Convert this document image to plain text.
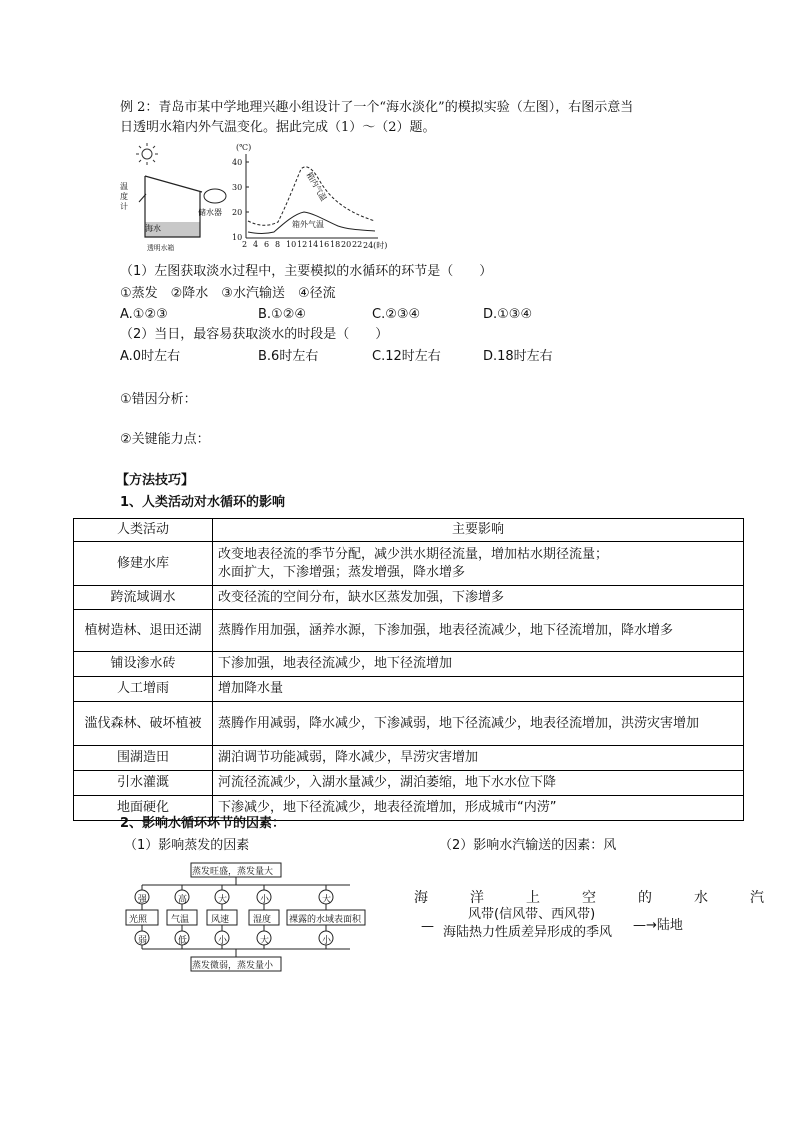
例 2：青岛市某中学地理兴趣小组设计了一个“海水淡化”的模拟实验（左图），右图示意当
日透明水箱内外气温变化。据此完成（1）～（2）题。
温度计
海水
透明水箱
储水器
(℃)
40
30
20
10
2 4 6 8 10 12 14 16 18 20 22 24(时)
箱内气温
箱外气温
（1）左图获取淡水过程中，主要模拟的水循环的环节是（　　）
①蒸发　②降水　③水汽输送　④径流
A.①②③	B.①②④	C.②③④	D.①③④
（2）当日，最容易获取淡水的时段是（　　）
A.0时左右	B.6时左右	C.12时左右	D.18时左右
①错因分析：
②关键能力点：
【方法技巧】
1、人类活动对水循环的影响
人类活动	主要影响
修建水库	改变地表径流的季节分配，减少洪水期径流量，增加枯水期径流量；
水面扩大，下渗增强；蒸发增强，降水增多

跨流域调水	改变径流的空间分布，缺水区蒸发加强，下渗增多
植树造林、退田还湖	蒸腾作用加强，涵养水源，下渗加强，地表径流减少，地下径流增加，降水增多
铺设渗水砖	下渗加强，地表径流减少，地下径流增加
人工增雨	增加降水量
滥伐森林、破坏植被	蒸腾作用减弱，降水减少，下渗减弱，地下径流减少，地表径流增加，洪涝灾害增加
围湖造田	湖泊调节功能减弱，降水减少，旱涝灾害增加
引水灌溉	河流径流减少，入湖水量减少，湖泊萎缩，地下水水位下降
地面硬化	下渗减少，地下径流减少，地表径流增加，形成城市“内涝”
2、影响水循环环节的因素：
（1）影响蒸发的因素	（2）影响水汽输送的因素：风
蒸发旺盛，蒸发量大
蒸发微弱，蒸发量小
光照	气温 风速	湿度 裸露的水域表面积
强	高	大	小	大
弱	低	小	大	小
海	洋	上	空	的	水	汽
—
风带(信风带、西风带)
海陆热力性质差异形成的季风 —→陆地
